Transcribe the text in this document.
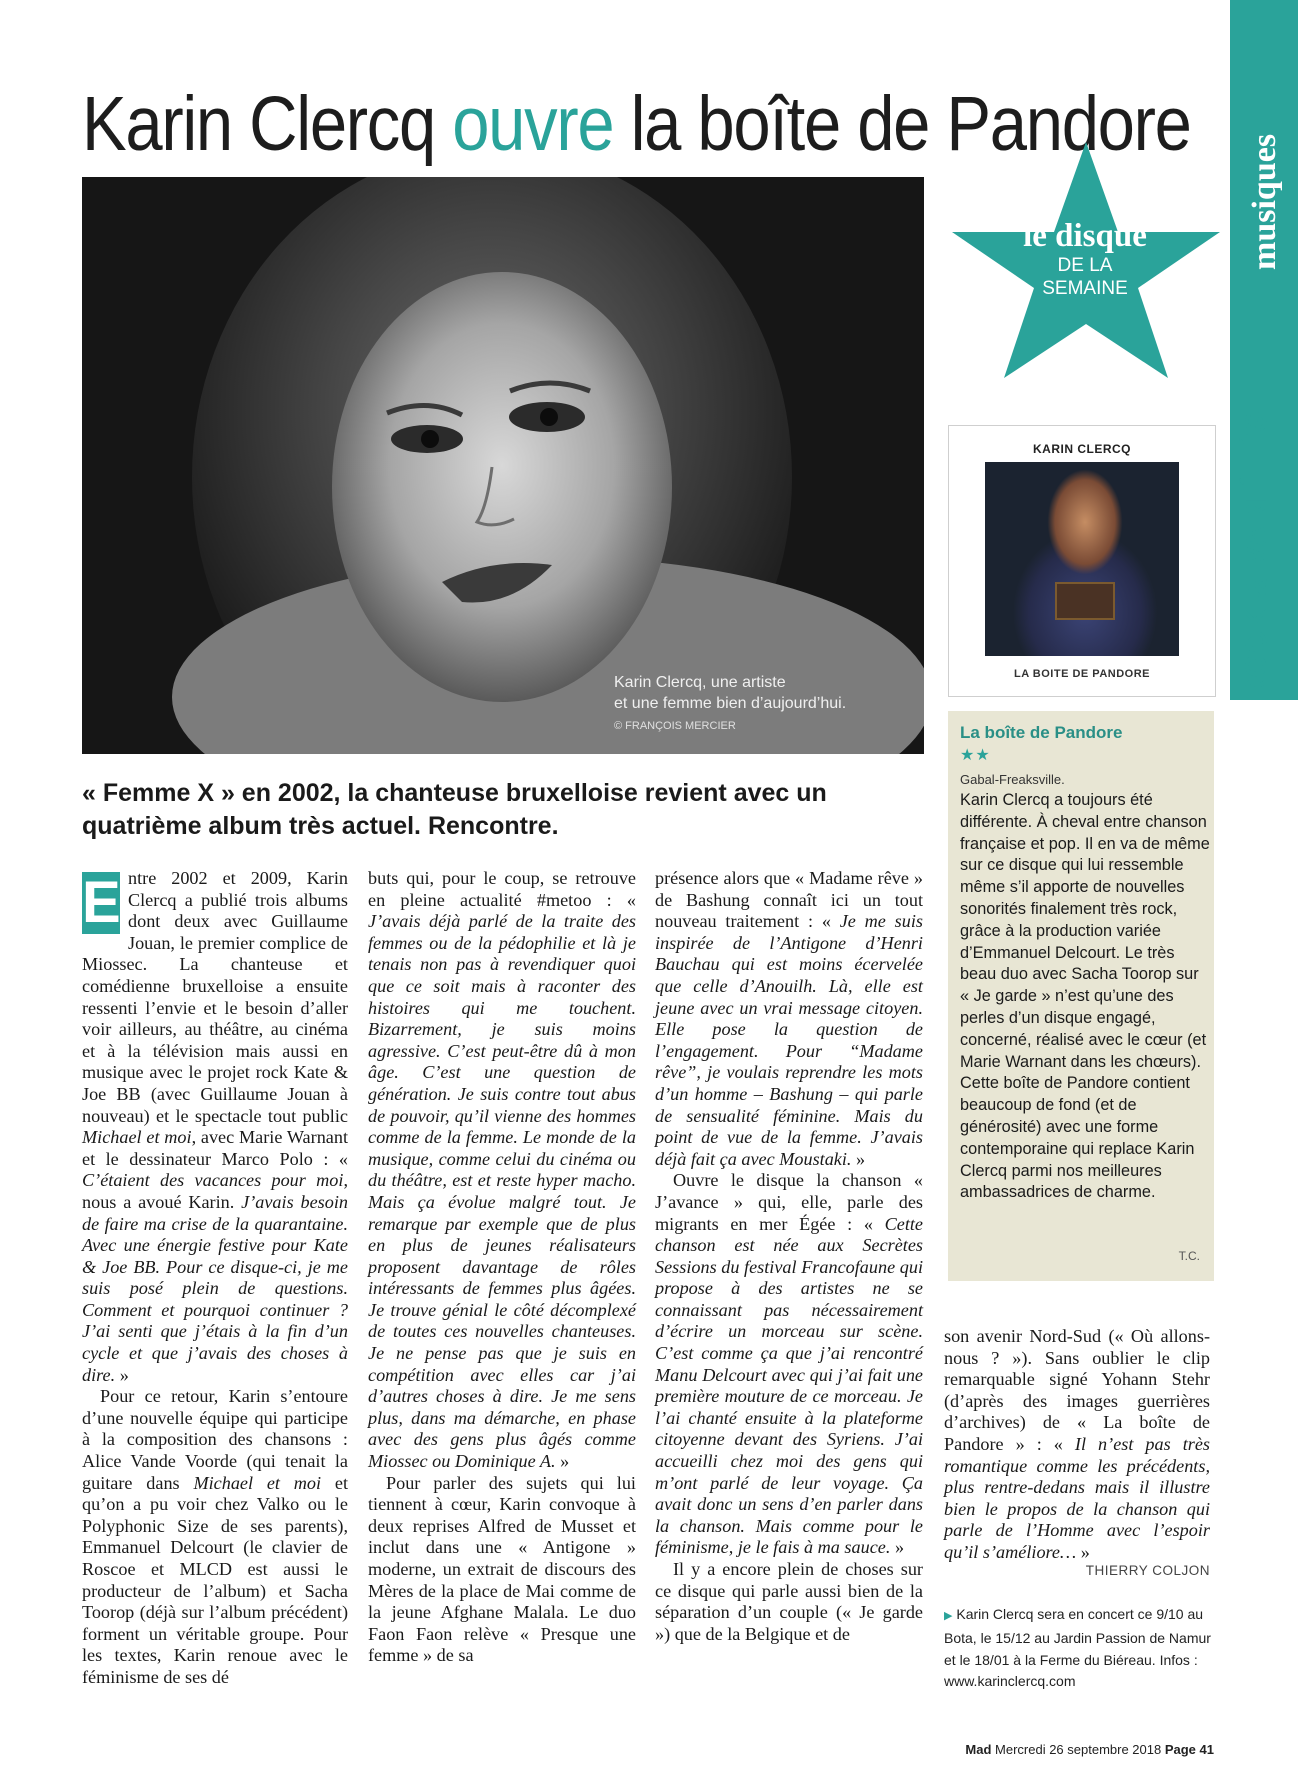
Karin Clercq ouvre la boîte de Pandore
musiques
ROCK & VARIÉTÉS
Karin Clercq, une artiste
et une femme bien d’aujourd’hui.
© FRANÇOIS MERCIER
le disque
DE LA
SEMAINE
KARIN CLERCQ
LA BOITE DE PANDORE
La boîte de Pandore
★★
Gabal-Freaksville.
Karin Clercq a toujours été différente. À cheval entre chanson française et pop. Il en va de même sur ce disque qui lui ressemble même s’il apporte de nouvelles sonorités finalement très rock, grâce à la production variée d’Emmanuel Delcourt. Le très beau duo avec Sacha Toorop sur « Je garde » n’est qu’une des perles d’un disque engagé, concerné, réalisé avec le cœur (et Marie Warnant dans les chœurs). Cette boîte de Pandore contient beaucoup de fond (et de générosité) avec une forme contemporaine qui replace Karin Clercq parmi nos meilleures ambassadrices de charme.
T.C.
« Femme X » en 2002, la chanteuse bruxelloise revient avec un quatrième album très actuel. Rencontre.

E ntre 2002 et 2009, Karin Clercq a publié trois albums dont deux avec Guillaume Jouan, le premier complice de Miossec. La chanteuse et comédienne bruxelloise a ensuite ressenti l’envie et le besoin d’aller voir ailleurs, au théâtre, au cinéma et à la télévision mais aussi en musique avec le projet rock Kate & Joe BB (avec Guillaume Jouan à nouveau) et le spectacle tout public Michael et moi, avec Marie Warnant et le dessinateur Marco Polo : « C’étaient des vacances pour moi, nous a avoué Karin. J’avais besoin de faire ma crise de la quarantaine. Avec une énergie festive pour Kate & Joe BB. Pour ce disque-ci, je me suis posé plein de questions. Comment et pourquoi continuer ? J’ai senti que j’étais à la fin d’un cycle et que j’avais des choses à dire. »

Pour ce retour, Karin s’entoure d’une nouvelle équipe qui participe à la composition des chansons : Alice Vande Voorde (qui tenait la guitare dans Michael et moi et qu’on a pu voir chez Valko ou le Polyphonic Size de ses parents), Emmanuel Delcourt (le clavier de Roscoe et MLCD est aussi le producteur de l’album) et Sacha Toorop (déjà sur l’album précédent) forment un véritable groupe. Pour les textes, Karin renoue avec le féminisme de ses dé

buts qui, pour le coup, se retrouve en pleine actualité #metoo : « J’avais déjà parlé de la traite des femmes ou de la pédophilie et là je tenais non pas à revendiquer quoi que ce soit mais à raconter des histoires qui me touchent. Bizarrement, je suis moins agressive. C’est peut-être dû à mon âge. C’est une question de génération. Je suis contre tout abus de pouvoir, qu’il vienne des hommes comme de la femme. Le monde de la musique, comme celui du cinéma ou du théâtre, est et reste hyper macho. Mais ça évolue malgré tout. Je remarque par exemple que de plus en plus de jeunes réalisateurs proposent davantage de rôles intéressants de femmes plus âgées. Je trouve génial le côté décomplexé de toutes ces nouvelles chanteuses. Je ne pense pas que je suis en compétition avec elles car j’ai d’autres choses à dire. Je me sens plus, dans ma démarche, en phase avec des gens plus âgés comme Miossec ou Dominique A. »

Pour parler des sujets qui lui tiennent à cœur, Karin convoque à deux reprises Alfred de Musset et inclut dans une « Antigone » moderne, un extrait de discours des Mères de la place de Mai comme de la jeune Afghane Malala. Le duo Faon Faon relève « Presque une femme » de sa

présence alors que « Madame rêve » de Bashung connaît ici un tout nouveau traitement : « Je me suis inspirée de l’Antigone d’Henri Bauchau qui est moins écervelée que celle d’Anouilh. Là, elle est jeune avec un vrai message citoyen. Elle pose la question de l’engagement. Pour “Madame rêve”, je voulais reprendre les mots d’un homme – Bashung – qui parle de sensualité féminine. Mais du point de vue de la femme. J’avais déjà fait ça avec Moustaki. »

Ouvre le disque la chanson « J’avance » qui, elle, parle des migrants en mer Égée : « Cette chanson est née aux Secrètes Sessions du festival Francofaune qui propose à des artistes ne se connaissant pas nécessairement d’écrire un morceau sur scène. C’est comme ça que j’ai rencontré Manu Delcourt avec qui j’ai fait une première mouture de ce morceau. Je l’ai chanté ensuite à la plateforme citoyenne devant des Syriens. J’ai accueilli chez moi des gens qui m’ont parlé de leur voyage. Ça avait donc un sens d’en parler dans la chanson. Mais comme pour le féminisme, je le fais à ma sauce. »

Il y a encore plein de choses sur ce disque qui parle aussi bien de la séparation d’un couple (« Je garde ») que de la Belgique et de

son avenir Nord-Sud (« Où allons-nous ? »). Sans oublier le clip remarquable signé Yohann Stehr (d’après des images guerrières d’archives) de « La boîte de Pandore » : « Il n’est pas très romantique comme les précédents, plus rentre-dedans mais il illustre bien le propos de la chanson qui parle de l’Homme avec l’espoir qu’il s’améliore… »

THIERRY COLJON
▶ Karin Clercq sera en concert ce 9/10 au Bota, le 15/12 au Jardin Passion de Namur et le 18/01 à la Ferme du Biéreau. Infos : www.karinclercq.com
Mad Mercredi 26 septembre 2018 Page 41
